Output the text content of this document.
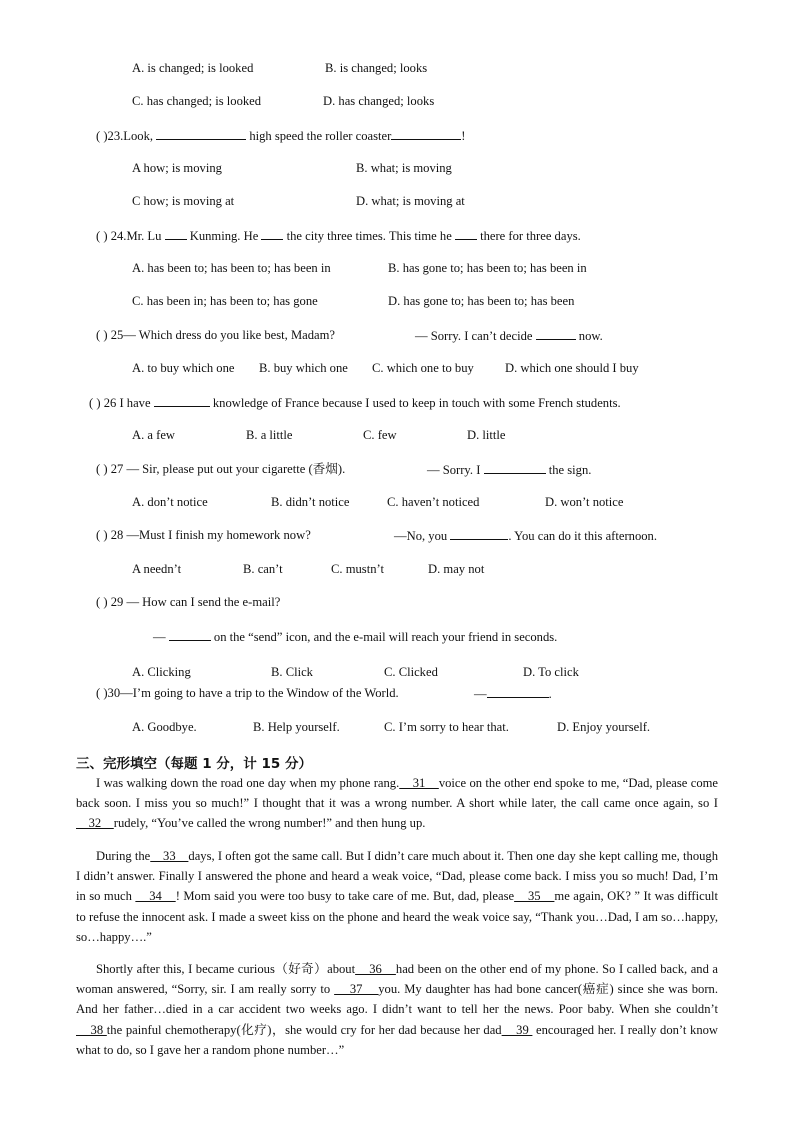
A. is changed; is looked	B. is changed; looks
C. has changed; is looked	D. has changed; looks
( )23.Look,	high speed the roller coaster	!
A how; is moving	B. what; is moving
C how; is moving at	D. what; is moving at
( ) 24.Mr. Lu  Kunming. He  the city three times. This time he  there for three days.
A. has been to; has been to; has been in	B. has gone to; has been to; has been in
C. has been in; has been to; has gone	D. has gone to; has been to; has been
( ) 25— Which dress do you like best, Madam?	— Sorry. I can’t decide	now.
A. to buy which one B. buy which one C. which one to buy D. which one should I buy
( ) 26 I have	knowledge of France because I used to keep in touch with some French students.
A. a few	B. a little	C. few	D. little
( ) 27 — Sir, please put out your cigarette (香烟).	— Sorry. I	the sign.
A. don’t notice	B. didn’t notice	C. haven’t noticed	D. won’t notice
( ) 28 —Must I finish my homework now?	—No, you	. You can do it this afternoon.
A needn’t	B. can’t	C. mustn’t	D. may not
( ) 29 — How can I send the e-mail?
—	on the “send” icon, and the e-mail will reach your friend in seconds.
A. Clicking	B. Click	C. Clicked	D. To click
( )30—I’m going to have a trip to the Window of the World.	—	.
A. Goodbye.	B. Help yourself.	C. I’m sorry to hear that.	D. Enjoy yourself.
三、完形填空（每题 1 分，计 15 分）
I was walking down the road one day when my phone rang.    31    voice on the other end spoke to me, “Dad, please come back soon. I miss you so much!” I thought that it was a wrong number. A short while later, the call came once again, so I    32    rudely, “You’ve called the wrong number!” and then hung up.
During the    33    days, I often got the same call. But I didn’t care much about it. Then one day she kept calling me, though I didn’t answer. Finally I answered the phone and heard a weak voice, “Dad, please come back. I miss you so much! Dad, I’m in so much     34    ! Mom said you were too busy to take care of me. But, dad, please    35    me again, OK? ” It was difficult to refuse the innocent ask. I made a sweet kiss on the phone and heard the weak voice say, “Thank you…Dad, I am so…happy, so…happy….”
Shortly after this, I became curious（好奇）about    36    had been on the other end of my phone. So I called back, and a woman answered, “Sorry, sir. I am really sorry to     37    you. My daughter has had bone cancer(癌症) since she was born. And her father…died in a car accident two weeks ago. I didn’t want to tell her the news. Poor baby. When she couldn’t     38 the painful chemotherapy(化疗)，she would cry for her dad because her dad    39  encouraged her. I really don’t know what to do, so I gave her a random phone number…”
